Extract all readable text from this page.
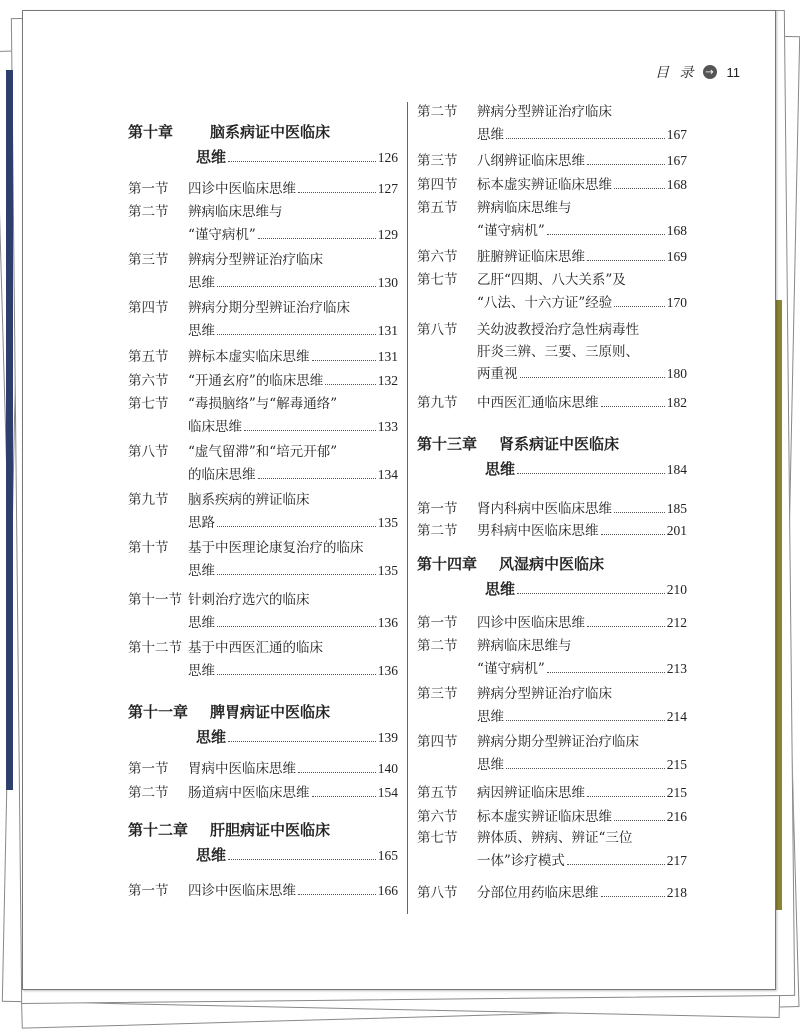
目 录 → 11
第十章	脑系病证中医临床
思维	126
第一节	四诊中医临床思维	127
第二节	辨病临床思维与
“谨守病机”	129
第三节	辨病分型辨证治疗临床
思维	130
第四节	辨病分期分型辨证治疗临床
思维	131
第五节	辨标本虚实临床思维	131
第六节	“开通玄府”的临床思维	132
第七节	“毒损脑络”与“解毒通络”
临床思维	133
第八节	“虚气留滞”和“培元开郁”
的临床思维	134
第九节	脑系疾病的辨证临床
思路	135
第十节	基于中医理论康复治疗的临床
思维	135
第十一节 针刺治疗选穴的临床
思维	136
第十二节 基于中西医汇通的临床
思维	136
第十一章	脾胃病证中医临床
思维	139
第一节	胃病中医临床思维	140
第二节	肠道病中医临床思维	154
第十二章	肝胆病证中医临床
思维	165
第一节	四诊中医临床思维	166
第二节	辨病分型辨证治疗临床
思维	167
第三节	八纲辨证临床思维	167
第四节	标本虚实辨证临床思维	168
第五节	辨病临床思维与
“谨守病机”	168
第六节	脏腑辨证临床思维	169
第七节	乙肝“四期、八大关系”及
“八法、十六方证”经验	170
第八节	关幼波教授治疗急性病毒性
肝炎三辨、三要、三原则、
两重视	180
第九节	中西医汇通临床思维	182
第十三章	肾系病证中医临床
思维	184
第一节	肾内科病中医临床思维	185
第二节	男科病中医临床思维	201
第十四章	风湿病中医临床
思维	210
第一节	四诊中医临床思维	212
第二节	辨病临床思维与
“谨守病机”	213
第三节	辨病分型辨证治疗临床
思维	214
第四节	辨病分期分型辨证治疗临床
思维	215
第五节	病因辨证临床思维	215
第六节	标本虚实辨证临床思维	216
第七节	辨体质、辨病、辨证“三位
一体”诊疗模式	217
第八节	分部位用药临床思维	218
